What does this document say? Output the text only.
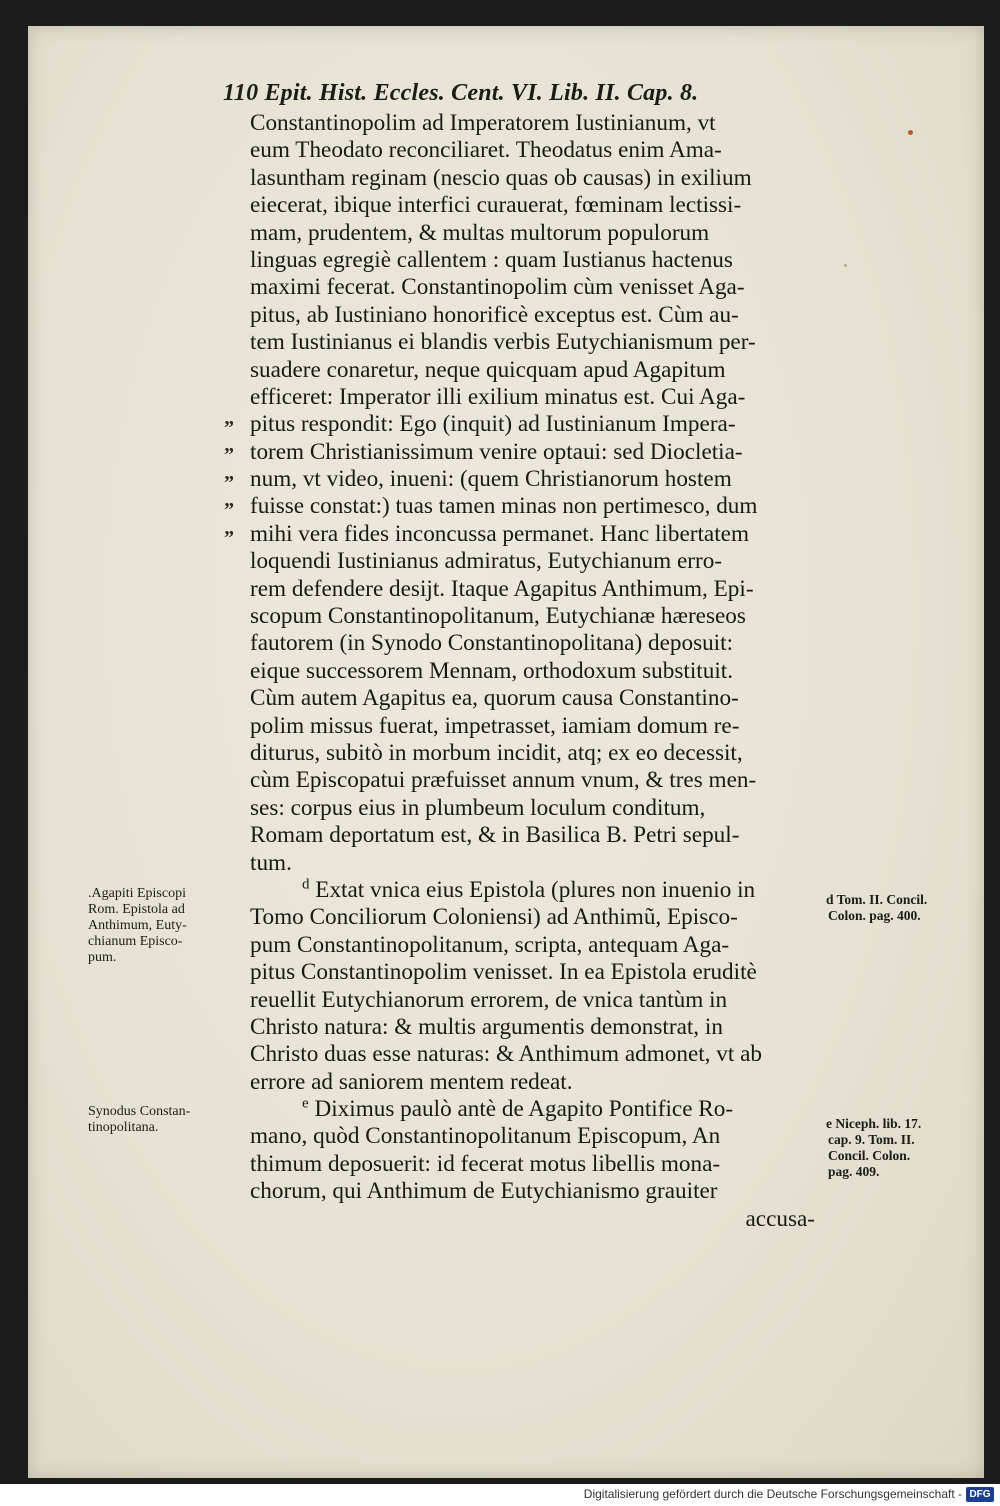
110 Epit. Hist. Eccles. Cent. VI. Lib. II. Cap. 8.
”
”
”
”
”
Constantinopolim ad Imperatorem Iustinianum, vt
eum Theodato reconciliaret. Theodatus enim Ama-
lasuntham reginam (nescio quas ob causas) in exilium
eiecerat, ibique interfici curauerat, fœminam lectissi-
mam, prudentem, & multas multorum populorum
linguas egregiè callentem : quam Iustianus hactenus
maximi fecerat. Constantinopolim cùm venisset Aga-
pitus, ab Iustiniano honorificè exceptus est. Cùm au-
tem Iustinianus ei blandis verbis Eutychianismum per-
suadere conaretur, neque quicquam apud Agapitum
efficeret: Imperator illi exilium minatus est. Cui Aga-
pitus respondit: Ego (inquit) ad Iustinianum Impera-
torem Christianissimum venire optaui: sed Diocletia-
num, vt video, inueni: (quem Christianorum hostem
fuisse constat:) tuas tamen minas non pertimesco, dum
mihi vera fides inconcussa permanet. Hanc libertatem
loquendi Iustinianus admiratus, Eutychianum erro-
rem defendere desijt. Itaque Agapitus Anthimum, Epi-
scopum Constantinopolitanum, Eutychianæ hæreseos
fautorem (in Synodo Constantinopolitana) deposuit:
eique successorem Mennam, orthodoxum substituit.
Cùm autem Agapitus ea, quorum causa Constantino-
polim missus fuerat, impetrasset, iamiam domum re-
diturus, subitò in morbum incidit, atq; ex eo decessit,
cùm Episcopatui præfuisset annum vnum, & tres men-
ses: corpus eius in plumbeum loculum conditum,
Romam deportatum est, & in Basilica B. Petri sepul-
tum.
$^d$ Extat vnica eius Epistola (plures non inuenio in
Tomo Conciliorum Coloniensi) ad Anthimũ, Episco-
pum Constantinopolitanum, scripta, antequam Aga-
pitus Constantinopolim venisset. In ea Epistola eruditè
reuellit Eutychianorum errorem, de vnica tantùm in
Christo natura: & multis argumentis demonstrat, in
Christo duas esse naturas: & Anthimum admonet, vt ab
errore ad saniorem mentem redeat.
$^e$ Diximus paulò antè de Agapito Pontifice Ro-
mano, quòd Constantinopolitanum Episcopum, An
thimum deposuerit: id fecerat motus libellis mona-
chorum, qui Anthimum de Eutychianismo grauiter
accusa-
.Agapiti Episcopi
Rom. Epistola ad
Anthimum, Euty-
chianum Episco-
pum.
Synodus Constan-
tinopolitana.
d Tom. II. Concil.
Colon. pag. 400.
e Niceph. lib. 17.
cap. 9. Tom. II.
Concil. Colon.
pag. 409.
Digitalisierung gefördert durch die Deutsche Forschungsgemeinschaft - DFG
